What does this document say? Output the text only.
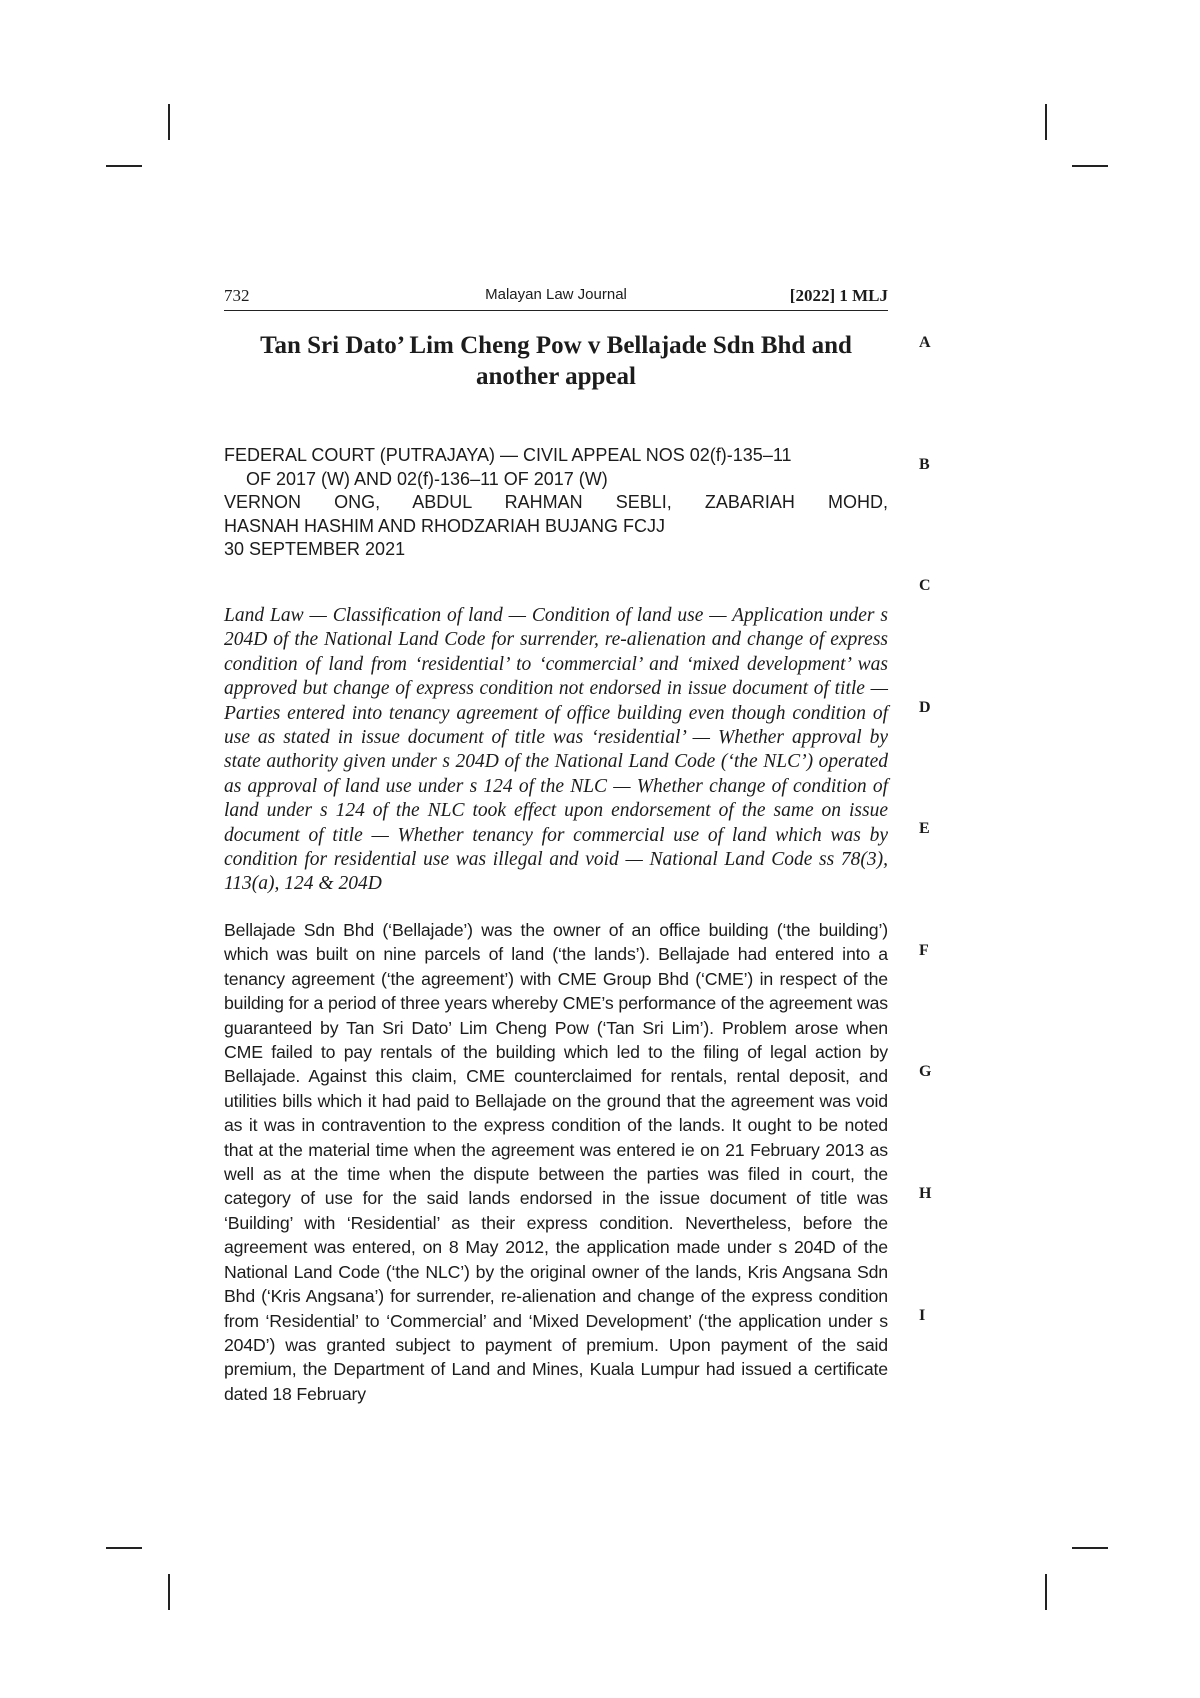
732	Malayan Law Journal	[2022] 1 MLJ
A
B
C
D
E
F
G
H
I
Tan Sri Dato’ Lim Cheng Pow v Bellajade Sdn Bhd and another appeal
FEDERAL COURT (PUTRAJAYA) — CIVIL APPEAL NOS 02(f)-135–11
OF 2017 (W) AND 02(f)-136–11 OF 2017 (W)
VERNON ONG, ABDUL RAHMAN SEBLI, ZABARIAH MOHD,
HASNAH HASHIM AND RHODZARIAH BUJANG FCJJ
30 SEPTEMBER 2021
Land Law — Classification of land — Condition of land use — Application under s 204D of the National Land Code for surrender, re-alienation and change of express condition of land from ‘residential’ to ‘commercial’ and ‘mixed development’ was approved but change of express condition not endorsed in issue document of title — Parties entered into tenancy agreement of office building even though condition of use as stated in issue document of title was ‘residential’ — Whether approval by state authority given under s 204D of the National Land Code (‘the NLC’) operated as approval of land use under s 124 of the NLC — Whether change of condition of land under s 124 of the NLC took effect upon endorsement of the same on issue document of title — Whether tenancy for commercial use of land which was by condition for residential use was illegal and void — National Land Code ss 78(3), 113(a), 124 & 204D
Bellajade Sdn Bhd (‘Bellajade’) was the owner of an office building (‘the building’) which was built on nine parcels of land (‘the lands’). Bellajade had entered into a tenancy agreement (‘the agreement’) with CME Group Bhd (‘CME’) in respect of the building for a period of three years whereby CME’s performance of the agreement was guaranteed by Tan Sri Dato’ Lim Cheng Pow (‘Tan Sri Lim’). Problem arose when CME failed to pay rentals of the building which led to the filing of legal action by Bellajade. Against this claim, CME counterclaimed for rentals, rental deposit, and utilities bills which it had paid to Bellajade on the ground that the agreement was void as it was in contravention to the express condition of the lands. It ought to be noted that at the material time when the agreement was entered ie on 21 February 2013 as well as at the time when the dispute between the parties was filed in court, the category of use for the said lands endorsed in the issue document of title was ‘Building’ with ‘Residential’ as their express condition. Nevertheless, before the agreement was entered, on 8 May 2012, the application made under s 204D of the National Land Code (‘the NLC’) by the original owner of the lands, Kris Angsana Sdn Bhd (‘Kris Angsana’) for surrender, re-alienation and change of the express condition from ‘Residential’ to ‘Commercial’ and ‘Mixed Development’ (‘the application under s 204D’) was granted subject to payment of premium. Upon payment of the said premium, the Department of Land and Mines, Kuala Lumpur had issued a certificate dated 18 February
